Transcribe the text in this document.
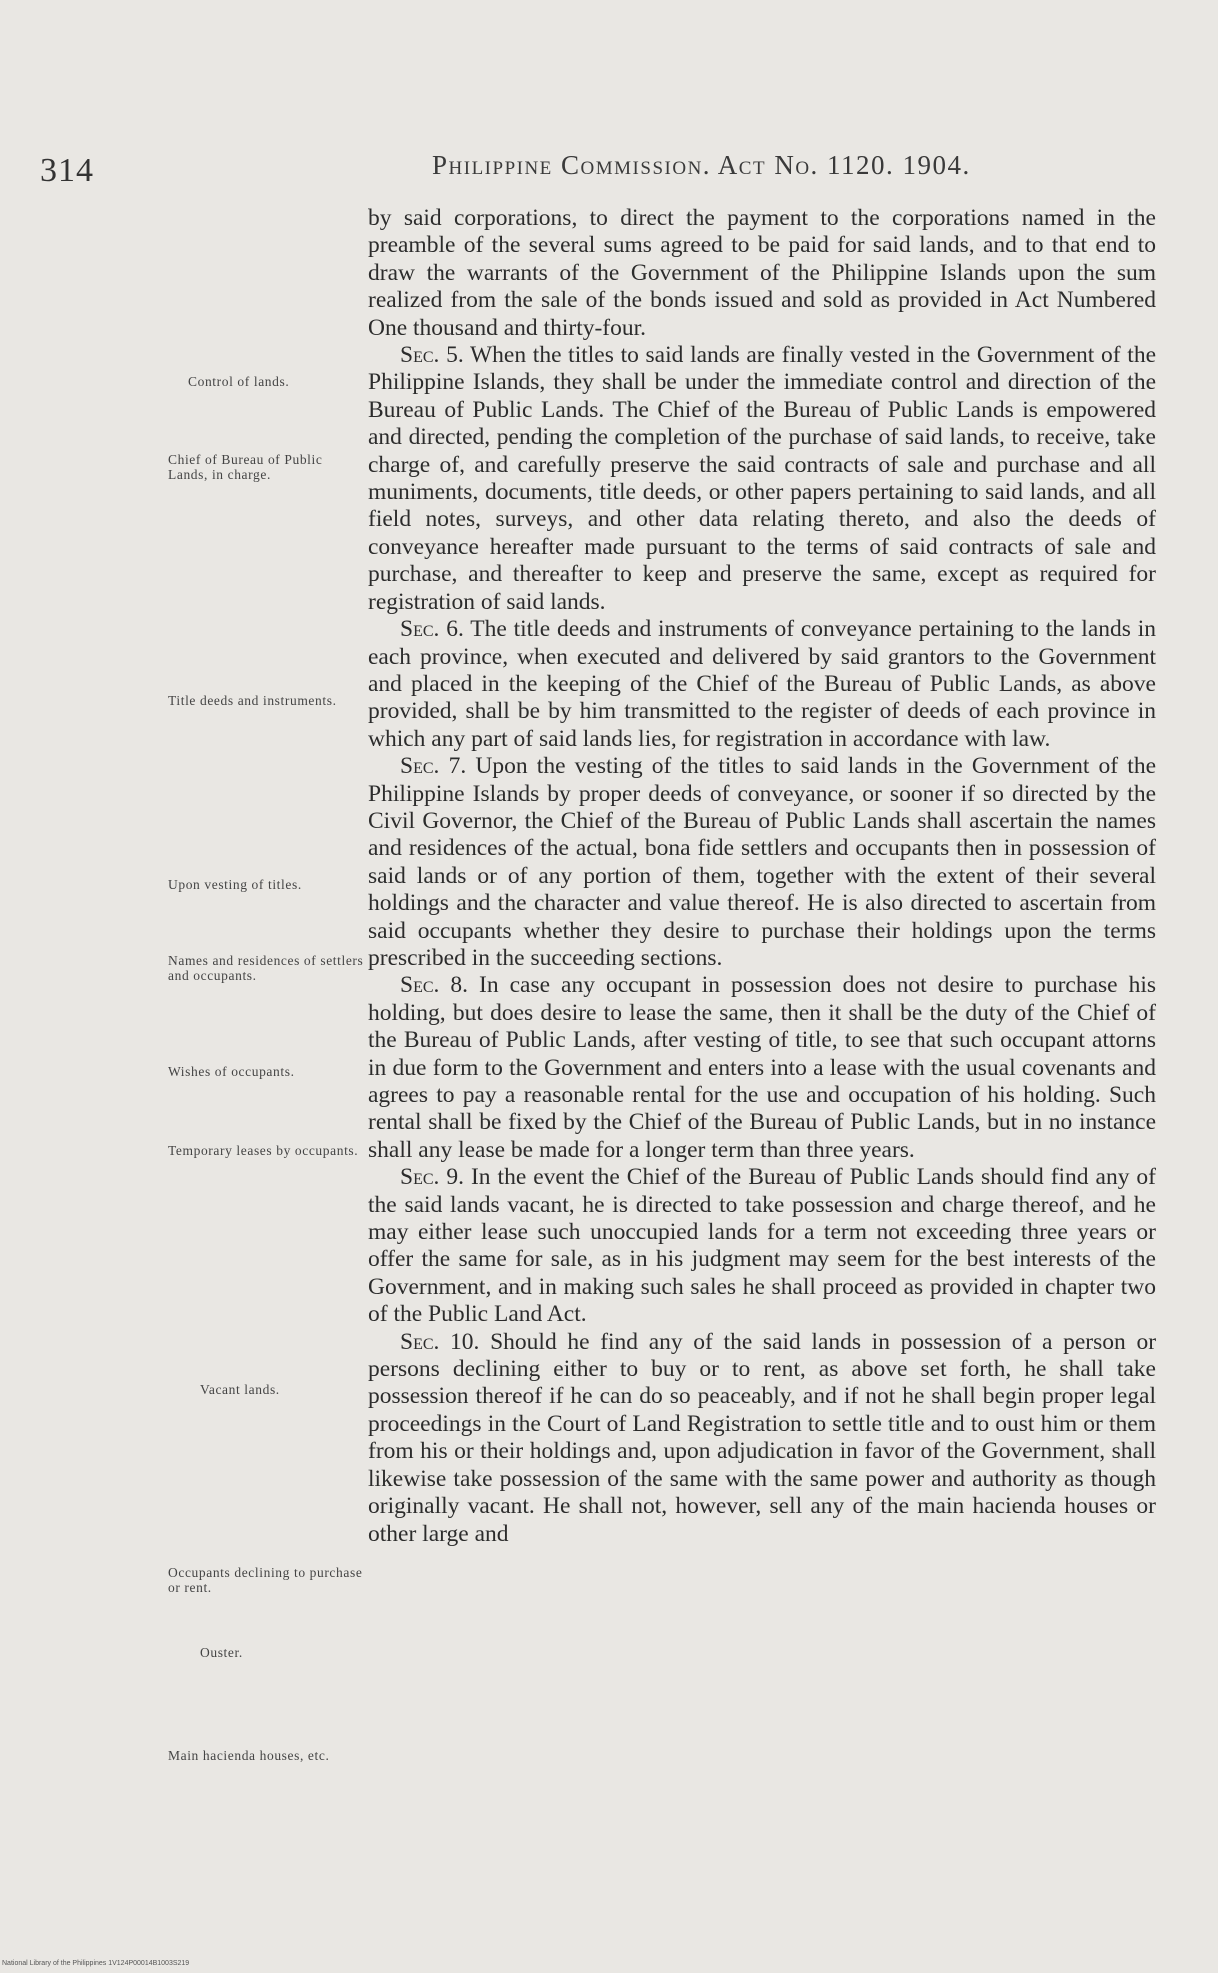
314	Philippine Commission. Act No. 1120. 1904.
Control of lands.
Chief of Bureau of Public Lands, in charge.
Title deeds and instruments.
Upon vesting of titles.
Names and residences of settlers and occupants.
Wishes of occupants.
Temporary leases by occupants.
Vacant lands.
Occupants declining to purchase or rent.
Ouster.
Main hacienda houses, etc.

by said corporations, to direct the payment to the corporations named in the preamble of the several sums agreed to be paid for said lands, and to that end to draw the warrants of the Government of the Philippine Islands upon the sum realized from the sale of the bonds issued and sold as provided in Act Numbered One thousand and thirty-four.

Sec. 5. When the titles to said lands are finally vested in the Government of the Philippine Islands, they shall be under the immediate control and direction of the Bureau of Public Lands. The Chief of the Bureau of Public Lands is empowered and directed, pending the completion of the purchase of said lands, to receive, take charge of, and carefully preserve the said contracts of sale and purchase and all muniments, documents, title deeds, or other papers pertaining to said lands, and all field notes, surveys, and other data relating thereto, and also the deeds of conveyance hereafter made pursuant to the terms of said contracts of sale and purchase, and thereafter to keep and preserve the same, except as required for registration of said lands.

Sec. 6. The title deeds and instruments of conveyance pertaining to the lands in each province, when executed and delivered by said grantors to the Government and placed in the keeping of the Chief of the Bureau of Public Lands, as above provided, shall be by him transmitted to the register of deeds of each province in which any part of said lands lies, for registration in accordance with law.

Sec. 7. Upon the vesting of the titles to said lands in the Government of the Philippine Islands by proper deeds of conveyance, or sooner if so directed by the Civil Governor, the Chief of the Bureau of Public Lands shall ascertain the names and residences of the actual, bona fide settlers and occupants then in possession of said lands or of any portion of them, together with the extent of their several holdings and the character and value thereof. He is also directed to ascertain from said occupants whether they desire to purchase their holdings upon the terms prescribed in the succeeding sections.

Sec. 8. In case any occupant in possession does not desire to purchase his holding, but does desire to lease the same, then it shall be the duty of the Chief of the Bureau of Public Lands, after vesting of title, to see that such occupant attorns in due form to the Government and enters into a lease with the usual covenants and agrees to pay a reasonable rental for the use and occupation of his holding. Such rental shall be fixed by the Chief of the Bureau of Public Lands, but in no instance shall any lease be made for a longer term than three years.

Sec. 9. In the event the Chief of the Bureau of Public Lands should find any of the said lands vacant, he is directed to take possession and charge thereof, and he may either lease such unoccupied lands for a term not exceeding three years or offer the same for sale, as in his judgment may seem for the best interests of the Government, and in making such sales he shall proceed as provided in chapter two of the Public Land Act.

Sec. 10. Should he find any of the said lands in possession of a person or persons declining either to buy or to rent, as above set forth, he shall take possession thereof if he can do so peaceably, and if not he shall begin proper legal proceedings in the Court of Land Registration to settle title and to oust him or them from his or their holdings and, upon adjudication in favor of the Government, shall likewise take possession of the same with the same power and authority as though originally vacant. He shall not, however, sell any of the main hacienda houses or other large and

National Library of the Philippines 1V124P00014B1003S219
